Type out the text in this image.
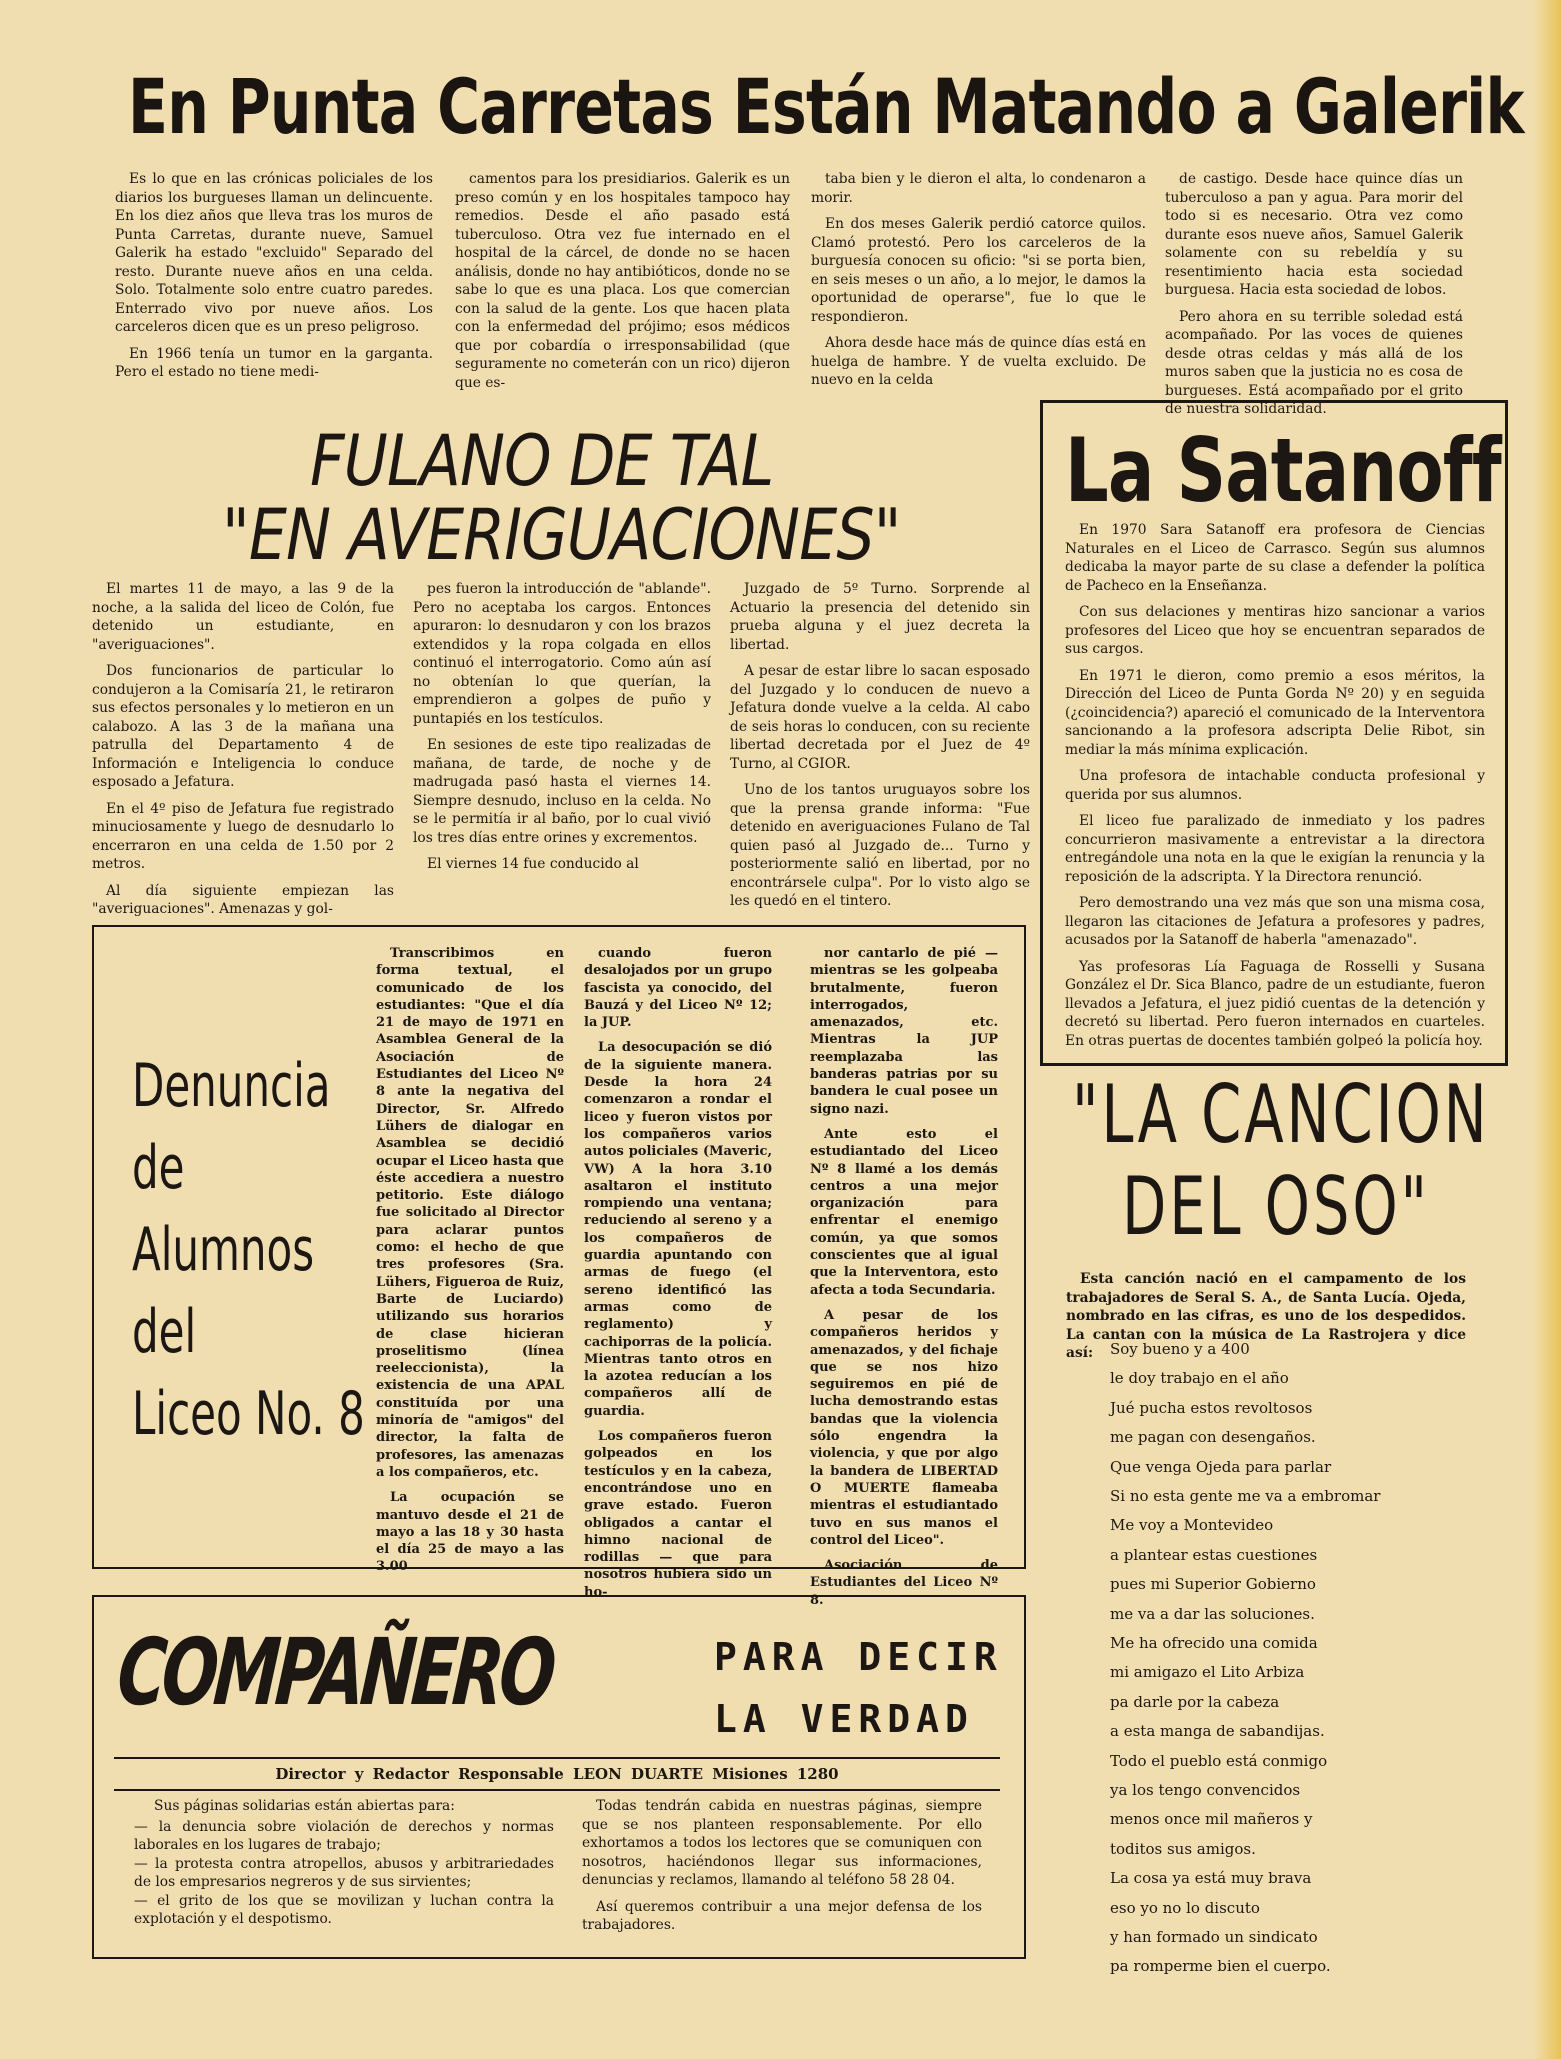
En Punta Carretas Están Matando a Galerik

Es lo que en las crónicas policiales de los diarios los burgueses llaman un delincuente. En los diez años que lleva tras los muros de Punta Carretas, durante nueve, Samuel Galerik ha estado "excluido" Separado del resto. Durante nueve años en una celda. Solo. Totalmente solo entre cuatro paredes. Enterrado vivo por nueve años. Los carceleros dicen que es un preso peligroso.

En 1966 tenía un tumor en la garganta. Pero el estado no tiene medi-

camentos para los presidiarios. Galerik es un preso común y en los hospitales tampoco hay remedios. Desde el año pasado está tuberculoso. Otra vez fue internado en el hospital de la cárcel, de donde no se hacen análisis, donde no hay antibióticos, donde no se sabe lo que es una placa. Los que comercian con la salud de la gente. Los que hacen plata con la enfermedad del prójimo; esos médicos que por cobardía o irresponsabilidad (que seguramente no cometerán con un rico) dijeron que es-

taba bien y le dieron el alta, lo condenaron a morir.

En dos meses Galerik perdió catorce quilos. Clamó protestó. Pero los carceleros de la burguesía conocen su oficio: "si se porta bien, en seis meses o un año, a lo mejor, le damos la oportunidad de operarse", fue lo que le respondieron.

Ahora desde hace más de quince días está en huelga de hambre. Y de vuelta excluido. De nuevo en la celda

de castigo. Desde hace quince días un tuberculoso a pan y agua. Para morir del todo si es necesario. Otra vez como durante esos nueve años, Samuel Galerik solamente con su rebeldía y su resentimiento hacia esta sociedad burguesa. Hacia esta sociedad de lobos.

Pero ahora en su terrible soledad está acompañado. Por las voces de quienes desde otras celdas y más allá de los muros saben que la justicia no es cosa de burgueses. Está acompañado por el grito de nuestra solidaridad.

FULANO DE TAL
"EN AVERIGUACIONES"

El martes 11 de mayo, a las 9 de la noche, a la salida del liceo de Colón, fue detenido un estudiante, en "averiguaciones".

Dos funcionarios de particular lo condujeron a la Comisaría 21, le retiraron sus efectos personales y lo metieron en un calabozo. A las 3 de la mañana una patrulla del Departamento 4 de Información e Inteligencia lo conduce esposado a Jefatura.

En el 4º piso de Jefatura fue registrado minuciosamente y luego de desnudarlo lo encerraron en una celda de 1.50 por 2 metros.

Al día siguiente empiezan las "averiguaciones". Amenazas y gol-

pes fueron la introducción de "ablande". Pero no aceptaba los cargos. Entonces apuraron: lo desnudaron y con los brazos extendidos y la ropa colgada en ellos continuó el interrogatorio. Como aún así no obtenían lo que querían, la emprendieron a golpes de puño y puntapiés en los testículos.

En sesiones de este tipo realizadas de mañana, de tarde, de noche y de madrugada pasó hasta el viernes 14. Siempre desnudo, incluso en la celda. No se le permitía ir al baño, por lo cual vivió los tres días entre orines y excrementos.

El viernes 14 fue conducido al

Juzgado de 5º Turno. Sorprende al Actuario la presencia del detenido sin prueba alguna y el juez decreta la libertad.

A pesar de estar libre lo sacan esposado del Juzgado y lo conducen de nuevo a Jefatura donde vuelve a la celda. Al cabo de seis horas lo conducen, con su reciente libertad decretada por el Juez de 4º Turno, al CGIOR.

Uno de los tantos uruguayos sobre los que la prensa grande informa: "Fue detenido en averiguaciones Fulano de Tal quien pasó al Juzgado de... Turno y posteriormente salió en libertad, por no encontrársele culpa". Por lo visto algo se les quedó en el tintero.

La Satanoff

En 1970 Sara Satanoff era profesora de Ciencias Naturales en el Liceo de Carrasco. Según sus alumnos dedicaba la mayor parte de su clase a defender la política de Pacheco en la Enseñanza.

Con sus delaciones y mentiras hizo sancionar a varios profesores del Liceo que hoy se encuentran separados de sus cargos.

En 1971 le dieron, como premio a esos méritos, la Dirección del Liceo de Punta Gorda Nº 20) y en seguida (¿coincidencia?) apareció el comunicado de la Interventora sancionando a la profesora adscripta Delie Ribot, sin mediar la más mínima explicación.

Una profesora de intachable conducta profesional y querida por sus alumnos.

El liceo fue paralizado de inmediato y los padres concurrieron masivamente a entrevistar a la directora entregándole una nota en la que le exigían la renuncia y la reposición de la adscripta. Y la Directora renunció.

Pero demostrando una vez más que son una misma cosa, llegaron las citaciones de Jefatura a profesores y padres, acusados por la Satanoff de haberla "amenazado".

Yas profesoras Lía Faguaga de Rosselli y Susana González el Dr. Sica Blanco, padre de un estudiante, fueron llevados a Jefatura, el juez pidió cuentas de la detención y decretó su libertad. Pero fueron internados en cuarteles. En otras puertas de docentes también golpeó la policía hoy.

Denuncia
de
Alumnos
del
Liceo No. 8

Transcribimos en forma textual, el comunicado de los estudiantes: "Que el día 21 de mayo de 1971 en Asamblea General de la Asociación de Estudiantes del Liceo Nº 8 ante la negativa del Director, Sr. Alfredo Lühers de dialogar en Asamblea se decidió ocupar el Liceo hasta que éste accediera a nuestro petitorio. Este diálogo fue solicitado al Director para aclarar puntos como: el hecho de que tres profesores (Sra. Lühers, Figueroa de Ruiz, Barte de Luciardo) utilizando sus horarios de clase hicieran proselitismo (línea reeleccionista), la existencia de una APAL constituída por una minoría de "amigos" del director, la falta de profesores, las amenazas a los compañeros, etc.

La ocupación se mantuvo desde el 21 de mayo a las 18 y 30 hasta el día 25 de mayo a las 3.00

cuando fueron desalojados por un grupo fascista ya conocido, del Bauzá y del Liceo Nº 12; la JUP.

La desocupación se dió de la siguiente manera. Desde la hora 24 comenzaron a rondar el liceo y fueron vistos por los compañeros varios autos policiales (Maveric, VW) A la hora 3.10 asaltaron el instituto rompiendo una ventana; reduciendo al sereno y a los compañeros de guardia apuntando con armas de fuego (el sereno identificó las armas como de reglamento) y cachiporras de la policía. Mientras tanto otros en la azotea reducían a los compañeros allí de guardia.

Los compañeros fueron golpeados en los testículos y en la cabeza, encontrándose uno en grave estado. Fueron obligados a cantar el himno nacional de rodillas — que para nosotros hubiera sido un ho-

nor cantarlo de pié — mientras se les golpeaba brutalmente, fueron interrogados, amenazados, etc. Mientras la JUP reemplazaba las banderas patrias por su bandera le cual posee un signo nazi.

Ante esto el estudiantado del Liceo Nº 8 llamé a los demás centros a una mejor organización para enfrentar el enemigo común, ya que somos conscientes que al igual que la Interventora, esto afecta a toda Secundaria.

A pesar de los compañeros heridos y amenazados, y del fichaje que se nos hizo seguiremos en pié de lucha demostrando estas bandas que la violencia sólo engendra la violencia, y que por algo la bandera de LIBERTAD O MUERTE flameaba mientras el estudiantado tuvo en sus manos el control del Liceo".

Asociación de Estudiantes del Liceo Nº 8.

"LA CANCION
DEL OSO"
Esta canción nació en el campamento de los trabajadores de Seral S. A., de Santa Lucía. Ojeda, nombrado en las cifras, es uno de los despedidos. La cantan con la música de La Rastrojera y dice así:	Soy bueno y a 400
le doy trabajo en el año
Jué pucha estos revoltosos
me pagan con desengaños.
Que venga Ojeda para parlar
Si no esta gente me va a embromar
Me voy a Montevideo
a plantear estas cuestiones
pues mi Superior Gobierno
me va a dar las soluciones.
Me ha ofrecido una comida
mi amigazo el Lito Arbiza
pa darle por la cabeza
a esta manga de sabandijas.
Todo el pueblo está conmigo
ya los tengo convencidos
menos once mil mañeros y
toditos sus amigos.
La cosa ya está muy brava
eso yo no lo discuto
y han formado un sindicato
pa romperme bien el cuerpo.
COMPAÑERO	PARA DECIR
LA VERDAD
Director y Redactor Responsable LEON DUARTE Misiones 1280

Sus páginas solidarias están abiertas para:

— la denuncia sobre violación de derechos y normas laborales en los lugares de trabajo;

— la protesta contra atropellos, abusos y arbitrariedades de los empresarios negreros y de sus sirvientes;

— el grito de los que se movilizan y luchan contra la explotación y el despotismo.

Todas tendrán cabida en nuestras páginas, siempre que se nos planteen responsablemente. Por ello exhortamos a todos los lectores que se comuniquen con nosotros, haciéndonos llegar sus informaciones, denuncias y reclamos, llamando al teléfono 58 28 04.

Así queremos contribuir a una mejor defensa de los trabajadores.
